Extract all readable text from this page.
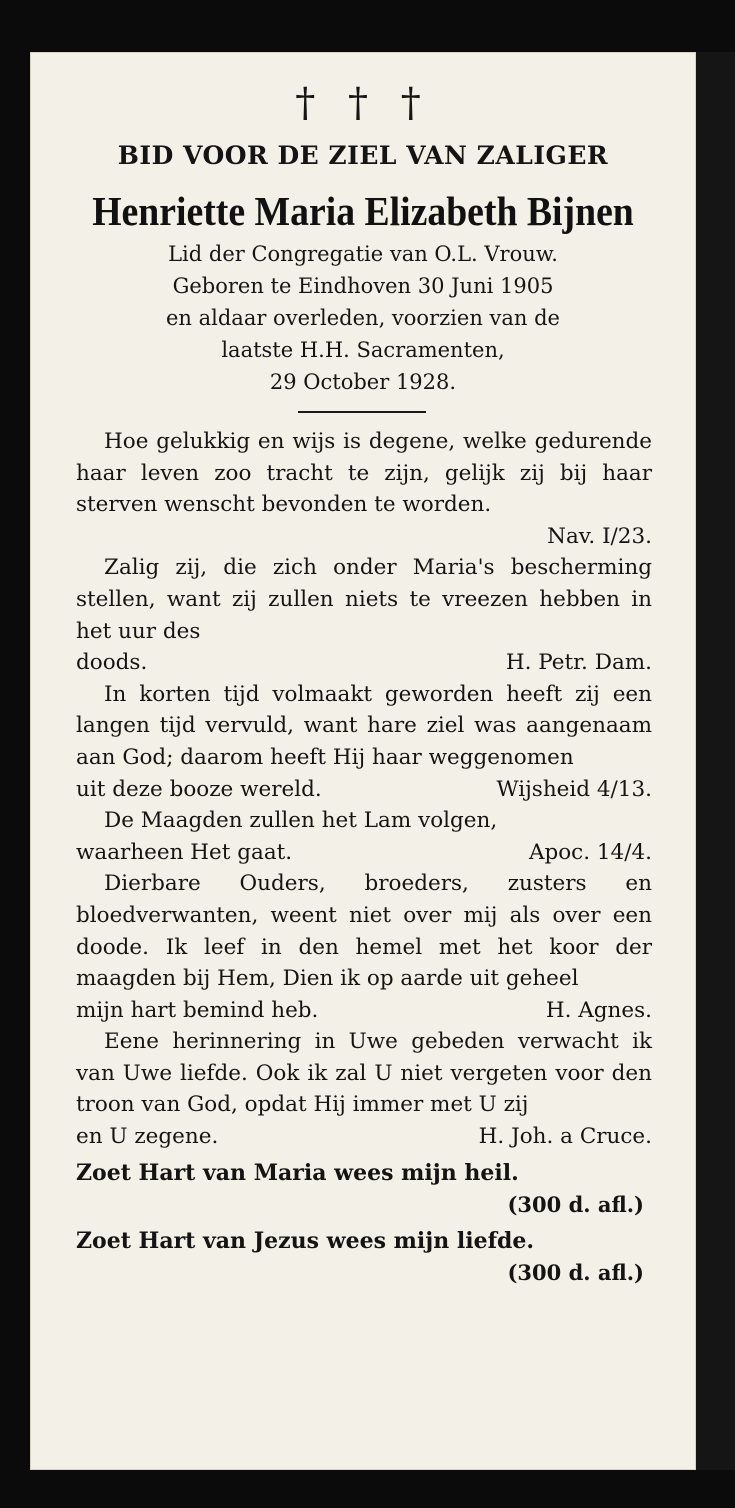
† † †
BID VOOR DE ZIEL VAN ZALIGER
Henriette Maria Elizabeth Bijnen
Lid der Congregatie van O.L. Vrouw.
Geboren te Eindhoven 30 Juni 1905
en aldaar overleden, voorzien van de
laatste H.H. Sacramenten,
29 October 1928.
Hoe gelukkig en wijs is degene, welke gedurende haar leven zoo tracht te zijn, gelijk zij bij haar sterven wenscht bevonden te worden.
Nav. I/23.
Zalig zij, die zich onder Maria's bescherming stellen, want zij zullen niets te vreezen hebben in het uur des
doods.	H. Petr. Dam.
In korten tijd volmaakt geworden heeft zij een langen tijd vervuld, want hare ziel was aangenaam aan God; daarom heeft Hij haar weggenomen
uit deze booze wereld.	Wijsheid 4/13.
De Maagden zullen het Lam volgen,
waarheen Het gaat.	Apoc. 14/4.
Dierbare Ouders, broeders, zusters en bloedverwanten, weent niet over mij als over een doode. Ik leef in den hemel met het koor der maagden bij Hem, Dien ik op aarde uit geheel
mijn hart bemind heb.	H. Agnes.
Eene herinnering in Uwe gebeden verwacht ik van Uwe liefde. Ook ik zal U niet vergeten voor den troon van God, opdat Hij immer met U zij
en U zegene.	H. Joh. a Cruce.
Zoet Hart van Maria wees mijn heil.
(300 d. afl.)
Zoet Hart van Jezus wees mijn liefde.
(300 d. afl.)
